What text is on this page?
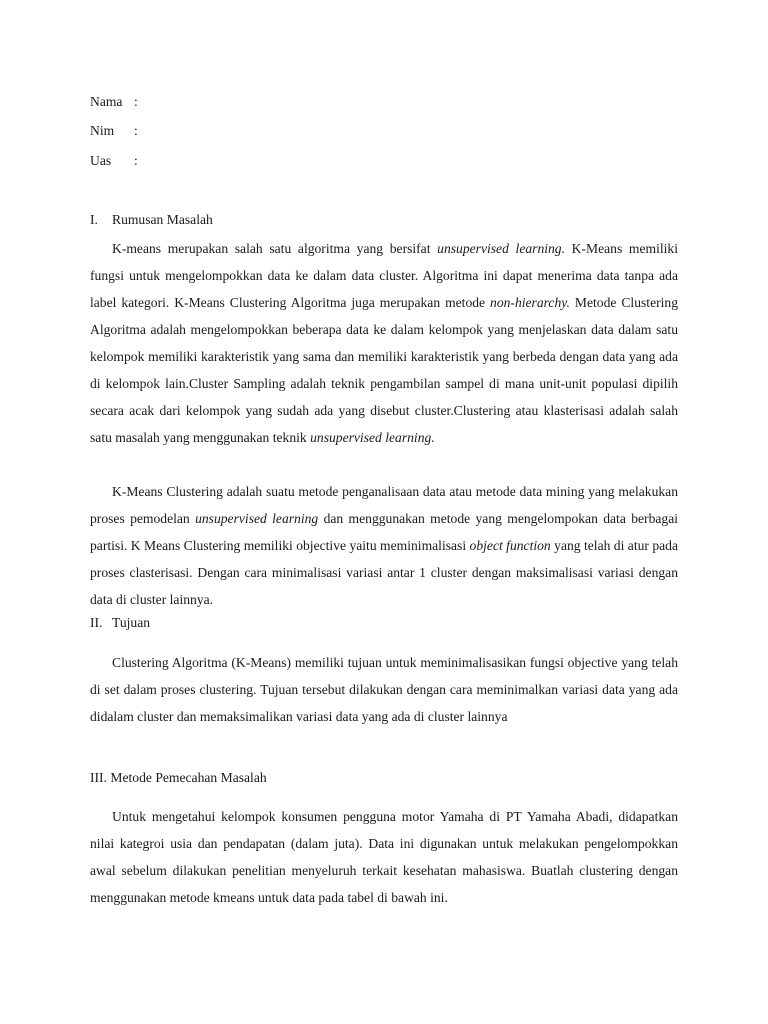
Nama :
Nim :
Uas :
I. Rumusan Masalah
K-means merupakan salah satu algoritma yang bersifat unsupervised learning. K-Means memiliki fungsi untuk mengelompokkan data ke dalam data cluster. Algoritma ini dapat menerima data tanpa ada label kategori. K-Means Clustering Algoritma juga merupakan metode non-hierarchy. Metode Clustering Algoritma adalah mengelompokkan beberapa data ke dalam kelompok yang menjelaskan data dalam satu kelompok memiliki karakteristik yang sama dan memiliki karakteristik yang berbeda dengan data yang ada di kelompok lain.Cluster Sampling adalah teknik pengambilan sampel di mana unit-unit populasi dipilih secara acak dari kelompok yang sudah ada yang disebut cluster.Clustering atau klasterisasi adalah salah satu masalah yang menggunakan teknik unsupervised learning.
K-Means Clustering adalah suatu metode penganalisaan data atau metode data mining yang melakukan proses pemodelan unsupervised learning dan menggunakan metode yang mengelompokan data berbagai partisi. K Means Clustering memiliki objective yaitu meminimalisasi object function yang telah di atur pada proses clasterisasi. Dengan cara minimalisasi variasi antar 1 cluster dengan maksimalisasi variasi dengan data di cluster lainnya.
II. Tujuan
Clustering Algoritma (K-Means) memiliki tujuan untuk meminimalisasikan fungsi objective yang telah di set dalam proses clustering. Tujuan tersebut dilakukan dengan cara meminimalkan variasi data yang ada didalam cluster dan memaksimalikan variasi data yang ada di cluster lainnya
III. Metode Pemecahan Masalah
Untuk mengetahui kelompok konsumen pengguna motor Yamaha di PT Yamaha Abadi, didapatkan nilai kategroi usia dan pendapatan (dalam juta). Data ini digunakan untuk melakukan pengelompokkan awal sebelum dilakukan penelitian menyeluruh terkait kesehatan mahasiswa. Buatlah clustering dengan menggunakan metode kmeans untuk data pada tabel di bawah ini.
